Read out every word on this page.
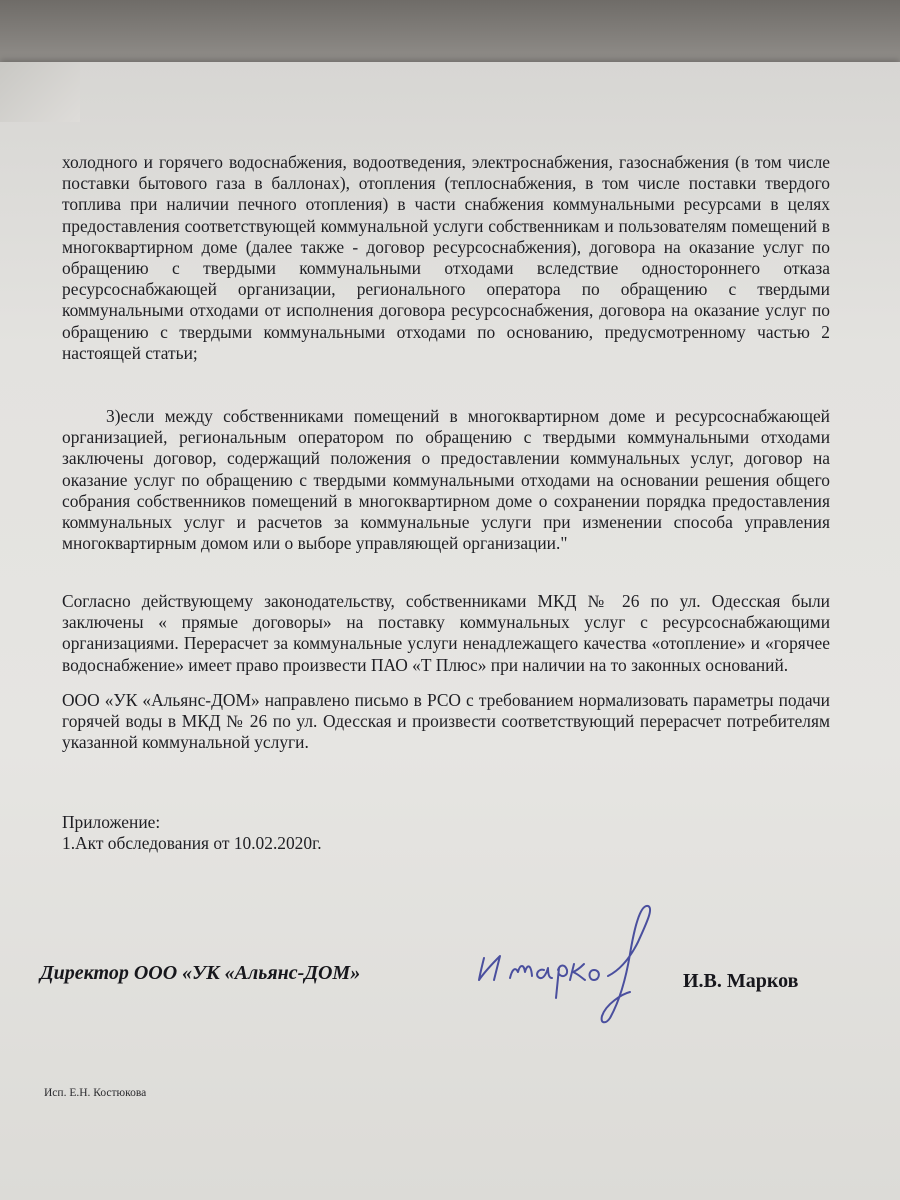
холодного и горячего водоснабжения, водоотведения, электроснабжения, газоснабжения (в том числе поставки бытового газа в баллонах), отопления (теплоснабжения, в том числе поставки твердого топлива при наличии печного отопления) в части снабжения коммунальными ресурсами в целях предоставления соответствующей коммунальной услуги собственникам и пользователям помещений в многоквартирном доме (далее также - договор ресурсоснабжения), договора на оказание услуг по обращению с твердыми коммунальными отходами вследствие одностороннего отказа ресурсоснабжающей организации, регионального оператора по обращению с твердыми коммунальными отходами от исполнения договора ресурсоснабжения, договора на оказание услуг по обращению с твердыми коммунальными отходами по основанию, предусмотренному частью 2 настоящей статьи;
3)если между собственниками помещений в многоквартирном доме и ресурсоснабжающей организацией, региональным оператором по обращению с твердыми коммунальными отходами заключены договор, содержащий положения о предоставлении коммунальных услуг, договор на оказание услуг по обращению с твердыми коммунальными отходами на основании решения общего собрания собственников помещений в многоквартирном доме о сохранении порядка предоставления коммунальных услуг и расчетов за коммунальные услуги при изменении способа управления многоквартирным домом или о выборе управляющей организации."
Согласно действующему законодательству, собственниками МКД № 26 по ул. Одесская были заключены « прямые договоры» на поставку коммунальных услуг с ресурсоснабжающими организациями. Перерасчет за коммунальные услуги ненадлежащего качества «отопление» и «горячее водоснабжение» имеет право произвести ПАО «Т Плюс» при наличии на то законных оснований.
ООО «УК «Альянс-ДОМ» направлено письмо в РСО с требованием нормализовать параметры подачи горячей воды в МКД № 26 по ул. Одесская и произвести соответствующий перерасчет потребителям указанной коммунальной услуги.
Приложение:
1.Акт обследования от 10.02.2020г.
Директор ООО «УК «Альянс-ДОМ»	И.В. Марков
Исп. Е.Н. Костюкова
